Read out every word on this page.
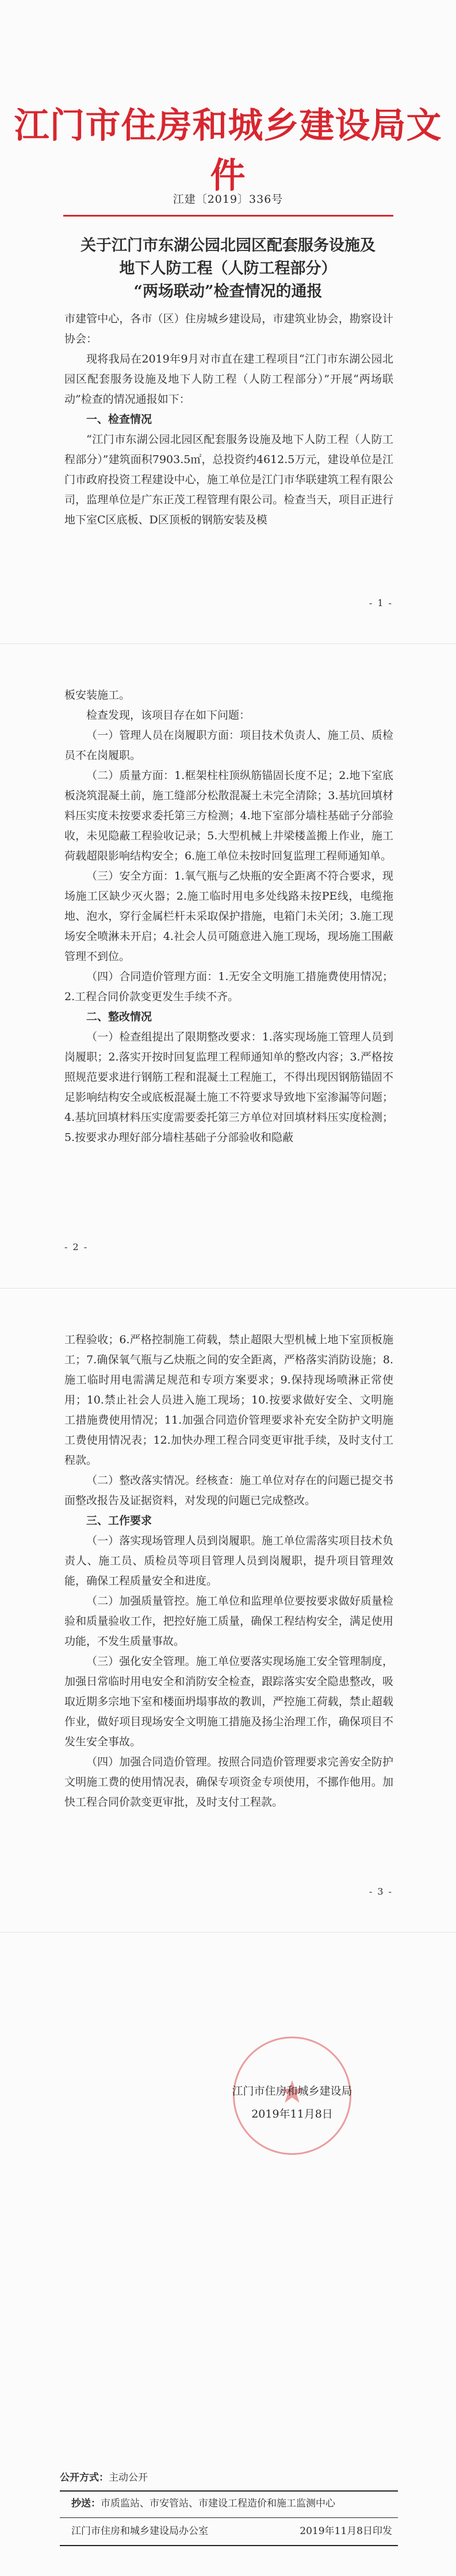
江门市住房和城乡建设局文件
江建〔2019〕336号
关于江门市东湖公园北园区配套服务设施及
地下人防工程（人防工程部分）
“两场联动”检查情况的通报

市建管中心，各市（区）住房城乡建设局，市建筑业协会，勘察设计协会：

现将我局在2019年9月对市直在建工程项目“江门市东湖公园北园区配套服务设施及地下人防工程（人防工程部分）”开展“两场联动”检查的情况通报如下：

一、检查情况

“江门市东湖公园北园区配套服务设施及地下人防工程（人防工程部分）”建筑面积7903.5㎡，总投资约4612.5万元，建设单位是江门市政府投资工程建设中心，施工单位是江门市华联建筑工程有限公司，监理单位是广东正茂工程管理有限公司。检查当天，项目正进行地下室C区底板、D区顶板的钢筋安装及模

- 1 -

板安装施工。

检查发现，该项目存在如下问题：

（一）管理人员在岗履职方面：项目技术负责人、施工员、质检员不在岗履职。

（二）质量方面：1.框架柱柱顶纵筋锚固长度不足；2.地下室底板浇筑混凝土前，施工缝部分松散混凝土未完全清除；3.基坑回填材料压实度未按要求委托第三方检测；4.地下室部分墙柱基础子分部验收，未见隐蔽工程验收记录；5.大型机械上井梁楼盖搬上作业，施工荷载超限影响结构安全；6.施工单位未按时回复监理工程师通知单。

（三）安全方面：1.氧气瓶与乙炔瓶的安全距离不符合要求，现场施工区缺少灭火器；2.施工临时用电多处线路未按PE线，电缆拖地、泡水，穿行金属栏杆未采取保护措施，电箱门未关闭；3.施工现场安全喷淋未开启；4.社会人员可随意进入施工现场，现场施工围蔽管理不到位。

（四）合同造价管理方面：1.无安全文明施工措施费使用情况；2.工程合同价款变更发生手续不齐。

二、整改情况

（一）检查组提出了限期整改要求：1.落实现场施工管理人员到岗履职；2.落实开按时回复监理工程师通知单的整改内容；3.严格按照规范要求进行钢筋工程和混凝土工程施工，不得出现因钢筋锚固不足影响结构安全或底板混凝土施工不符要求导致地下室渗漏等问题；4.基坑回填材料压实度需要委托第三方单位对回填材料压实度检测；5.按要求办理好部分墙柱基础子分部验收和隐蔽

- 2 -

工程验收；6.严格控制施工荷载，禁止超限大型机械上地下室顶板施工；7.确保氧气瓶与乙炔瓶之间的安全距离，严格落实消防设施；8.施工临时用电需满足规范和专项方案要求；9.保持现场喷淋正常使用；10.禁止社会人员进入施工现场；10.按要求做好安全、文明施工措施费使用情况；11.加强合同造价管理要求补充安全防护文明施工费使用情况表；12.加快办理工程合同变更审批手续，及时支付工程款。

（二）整改落实情况。经核查：施工单位对存在的问题已提交书面整改报告及证据资料，对发现的问题已完成整改。

三、工作要求

（一）落实现场管理人员到岗履职。施工单位需落实项目技术负责人、施工员、质检员等项目管理人员到岗履职，提升项目管理效能，确保工程质量安全和进度。

（二）加强质量管控。施工单位和监理单位要按要求做好质量检验和质量验收工作，把控好施工质量，确保工程结构安全，满足使用功能，不发生质量事故。

（三）强化安全管理。施工单位要落实现场施工安全管理制度，加强日常临时用电安全和消防安全检查，跟踪落实安全隐患整改，吸取近期多宗地下室和楼面坍塌事故的教训，严控施工荷载，禁止超载作业，做好项目现场安全文明施工措施及扬尘治理工作，确保项目不发生安全事故。

（四）加强合同造价管理。按照合同造价管理要求完善安全防护文明施工费的使用情况表，确保专项资金专项使用，不挪作他用。加快工程合同价款变更审批，及时支付工程款。

- 3 -
★
江门市住房和城乡建设局
2019年11月8日
公开方式：主动公开
抄送：市质监站、市安管站、市建设工程造价和施工监测中心
江门市住房和城乡建设局办公室	2019年11月8日印发
